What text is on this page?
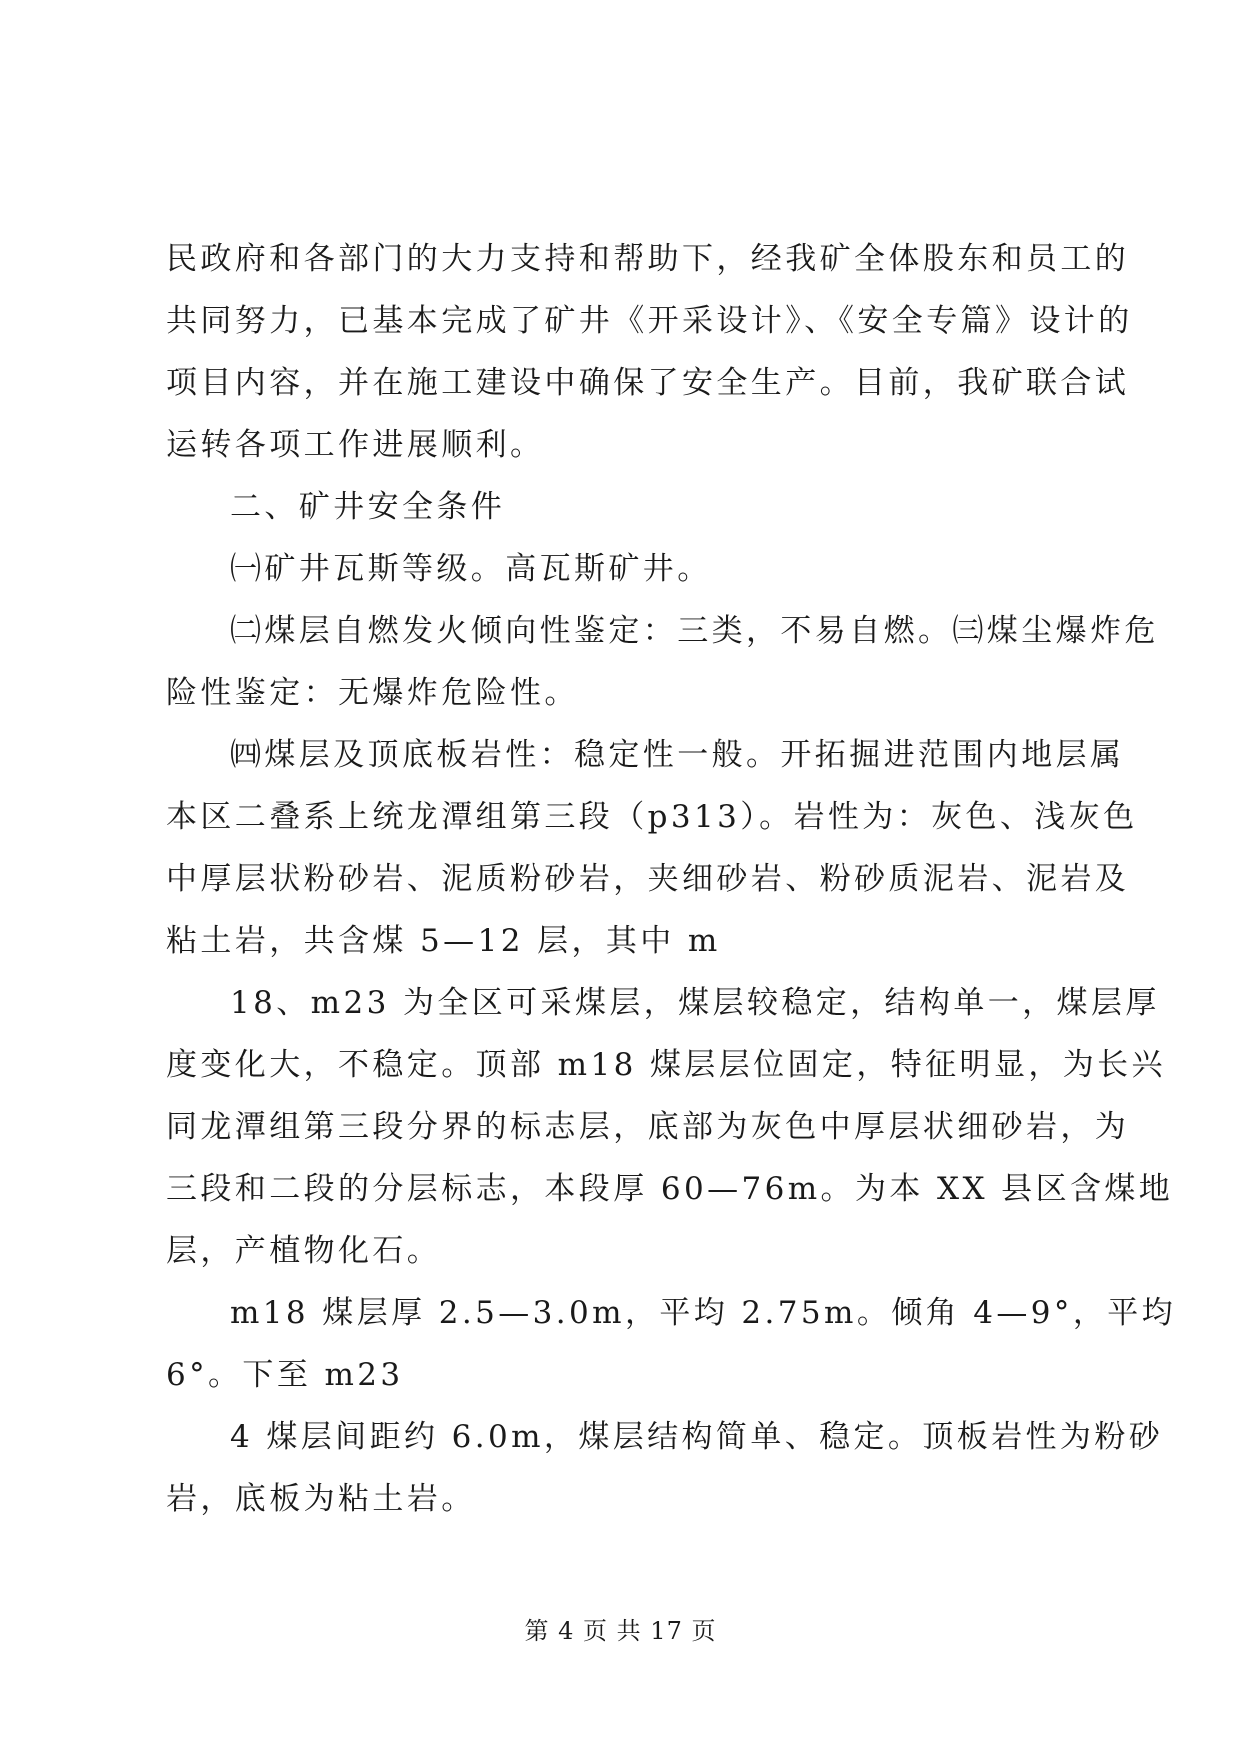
民政府和各部门的大力支持和帮助下，经我矿全体股东和员工的
共同努力，已基本完成了矿井《开采设计》、《安全专篇》设计的
项目内容，并在施工建设中确保了安全生产。目前，我矿联合试
运转各项工作进展顺利。
二、矿井安全条件
㈠矿井瓦斯等级。高瓦斯矿井。
㈡煤层自燃发火倾向性鉴定：三类，不易自燃。㈢煤尘爆炸危
险性鉴定：无爆炸危险性。
㈣煤层及顶底板岩性：稳定性一般。开拓掘进范围内地层属
本区二叠系上统龙潭组第三段（p313）。岩性为：灰色、浅灰色
中厚层状粉砂岩、泥质粉砂岩，夹细砂岩、粉砂质泥岩、泥岩及
粘土岩，共含煤 5—12 层，其中 m
18、m23 为全区可采煤层，煤层较稳定，结构单一，煤层厚
度变化大，不稳定。顶部 m18 煤层层位固定，特征明显，为长兴
同龙潭组第三段分界的标志层，底部为灰色中厚层状细砂岩，为
三段和二段的分层标志，本段厚 60—76m。为本 XX 县区含煤地
层，产植物化石。
m18 煤层厚 2.5—3.0m，平均 2.75m。倾角 4—9°，平均
6°。下至 m23
4 煤层间距约 6.0m，煤层结构简单、稳定。顶板岩性为粉砂
岩，底板为粘土岩。
第 4 页 共 17 页
